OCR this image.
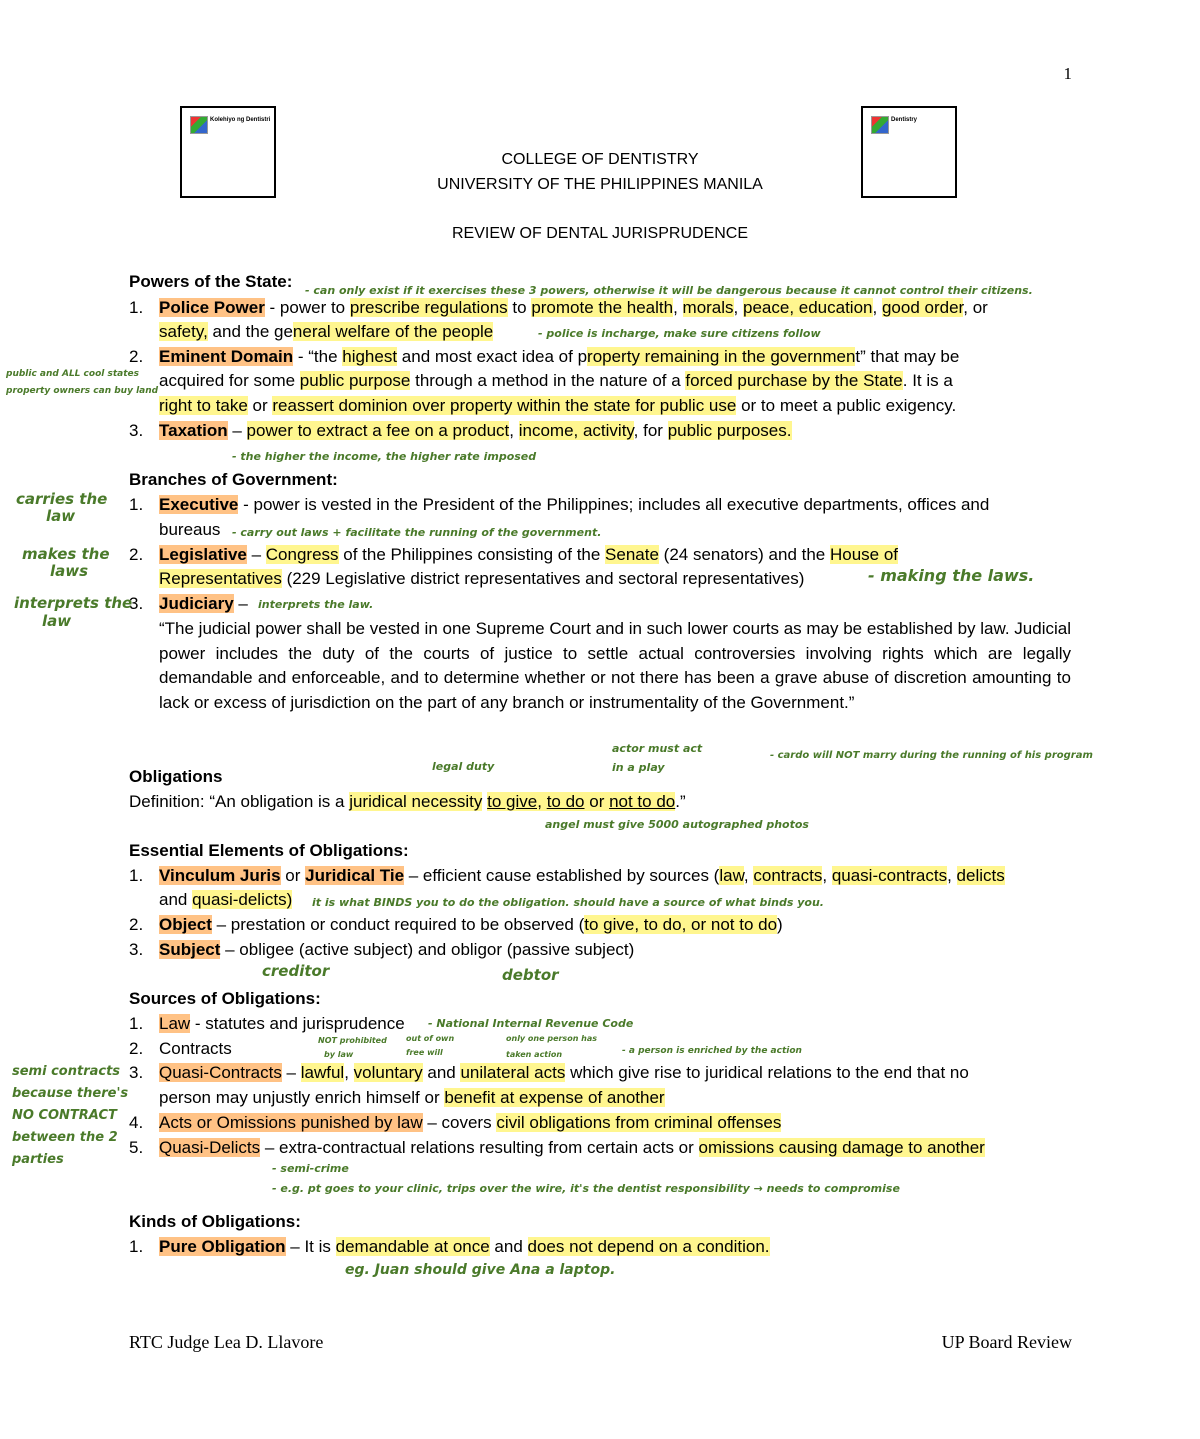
1
Kolehiyo ng Dentistri	Dentistry
COLLEGE OF DENTISTRY
UNIVERSITY OF THE PHILIPPINES MANILA
REVIEW OF DENTAL JURISPRUDENCE
Powers of the State: - can only exist if it exercises these 3 powers, otherwise it will be dangerous because it cannot control their citizens.
1. Police Power - power to prescribe regulations to promote the health, morals, peace, education, good order, or
safety, and the general welfare of the people	- police is incharge, make sure citizens follow
2. Eminent Domain - “the highest and most exact idea of property remaining in the government” that may be
acquired for some public purpose through a method in the nature of a forced purchase by the State. It is a
right to take or reassert dominion over property within the state for public use or to meet a public exigency.
public and ALL cool states
property owners can buy land
3. Taxation – power to extract a fee on a product, income, activity, for public purposes.
- the higher the income, the higher rate imposed
Branches of Government:
1. Executive - power is vested in the President of the Philippines; includes all executive departments, offices and
bureaus - carry out laws + facilitate the running of the government.
carries the
law
2. Legislative – Congress of the Philippines consisting of the Senate (24 senators) and the House of
Representatives (229 Legislative district representatives and sectoral representatives)	- making the laws.
makes the
laws
3. Judiciary – interprets the law.
interprets the
law	“The judicial power shall be vested in one Supreme Court and in such lower courts as may be established by law. Judicial power includes the duty of the courts of justice to settle actual controversies involving rights which are legally demandable and enforceable, and to determine whether or not there has been a grave abuse of discretion amounting to lack or excess of jurisdiction on the part of any branch or instrumentality of the Government.”
Obligations
legal duty
actor must act
in a play
- cardo will NOT marry during the running of his program
Definition: “An obligation is a juridical necessity to give, to do or not to do.”
angel must give 5000 autographed photos
Essential Elements of Obligations:
1. Vinculum Juris or Juridical Tie – efficient cause established by sources (law, contracts, quasi-contracts, delicts
and quasi-delicts) it is what BINDS you to do the obligation. should have a source of what binds you.
2. Object – prestation or conduct required to be observed (to give, to do, or not to do)
3. Subject – obligee (active subject) and obligor (passive subject)
creditor	debtor
Sources of Obligations:
1. Law - statutes and jurisprudence - National Internal Revenue Code
2. Contracts	NOT prohibited
by law
out of own
free will
only one person has
taken action	- a person is enriched by the action
3. Quasi-Contracts – lawful, voluntary and unilateral acts which give rise to juridical relations to the end that no
person may unjustly enrich himself or benefit at expense of another
semi contracts
because there's
NO CONTRACT
between the 2
parties
4. Acts or Omissions punished by law – covers civil obligations from criminal offenses
5. Quasi-Delicts – extra-contractual relations resulting from certain acts or omissions causing damage to another
- semi-crime
- e.g. pt goes to your clinic, trips over the wire, it's the dentist responsibility → needs to compromise
Kinds of Obligations:
1. Pure Obligation – It is demandable at once and does not depend on a condition.
eg. Juan should give Ana a laptop.
RTC Judge Lea D. Llavore	UP Board Review
